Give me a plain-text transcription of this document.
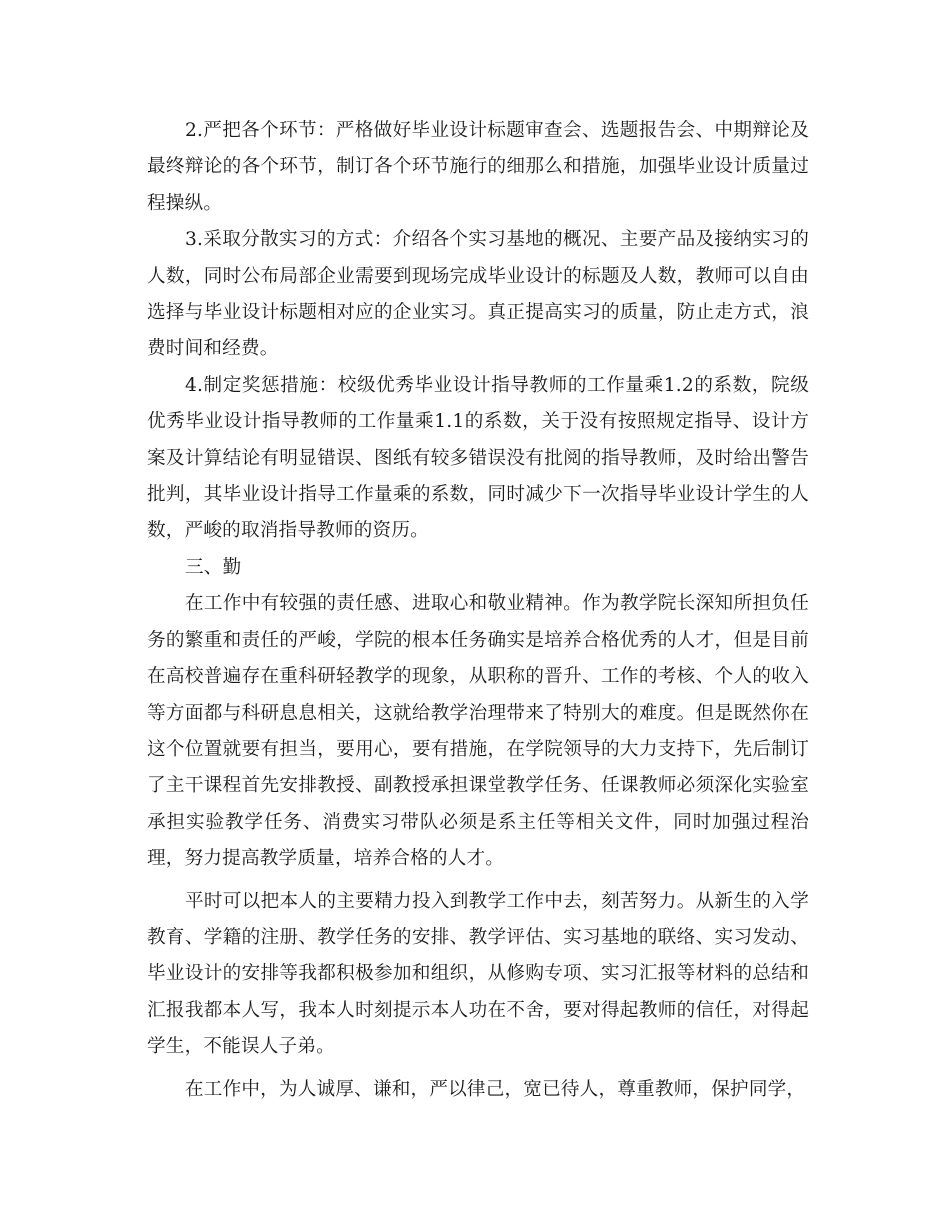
2.严把各个环节：严格做好毕业设计标题审查会、选题报告会、中期辩论及最终辩论的各个环节，制订各个环节施行的细那么和措施，加强毕业设计质量过程操纵。

3.采取分散实习的方式：介绍各个实习基地的概况、主要产品及接纳实习的人数，同时公布局部企业需要到现场完成毕业设计的标题及人数，教师可以自由选择与毕业设计标题相对应的企业实习。真正提高实习的质量，防止走方式，浪费时间和经费。

4.制定奖惩措施：校级优秀毕业设计指导教师的工作量乘1.2的系数，院级优秀毕业设计指导教师的工作量乘1.1的系数，关于没有按照规定指导、设计方案及计算结论有明显错误、图纸有较多错误没有批阅的指导教师，及时给出警告批判，其毕业设计指导工作量乘的系数，同时减少下一次指导毕业设计学生的人数，严峻的取消指导教师的资历。

三、勤

在工作中有较强的责任感、进取心和敬业精神。作为教学院长深知所担负任务的繁重和责任的严峻，学院的根本任务确实是培养合格优秀的人才，但是目前在高校普遍存在重科研轻教学的现象，从职称的晋升、工作的考核、个人的收入等方面都与科研息息相关，这就给教学治理带来了特别大的难度。但是既然你在这个位置就要有担当，要用心，要有措施，在学院领导的大力支持下，先后制订了主干课程首先安排教授、副教授承担课堂教学任务、任课教师必须深化实验室承担实验教学任务、消费实习带队必须是系主任等相关文件，同时加强过程治理，努力提高教学质量，培养合格的人才。

平时可以把本人的主要精力投入到教学工作中去，刻苦努力。从新生的入学教育、学籍的注册、教学任务的安排、教学评估、实习基地的联络、实习发动、毕业设计的安排等我都积极参加和组织，从修购专项、实习汇报等材料的总结和汇报我都本人写，我本人时刻提示本人功在不舍，要对得起教师的信任，对得起学生，不能误人子弟。

在工作中，为人诚厚、谦和，严以律己，宽已待人，尊重教师，保护同学，
